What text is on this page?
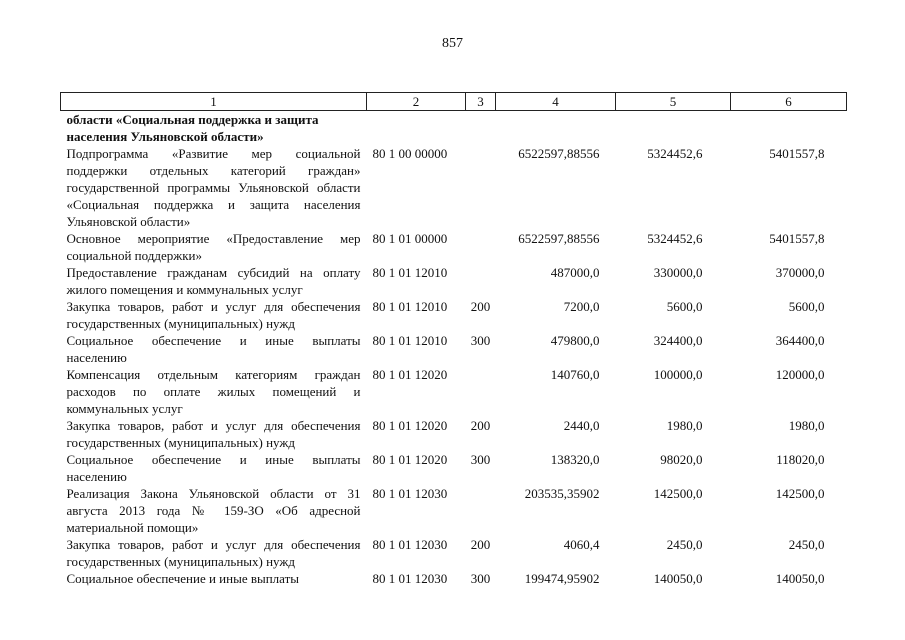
857
1	2	3	4	5	6
области «Социальная поддержка и защита населения Ульяновской области»					
Подпрограмма «Развитие мер социальной поддержки отдельных категорий граждан» государственной программы Ульяновской области «Социальная поддержка и защита населения Ульяновской области»	80 1 00 00000		6522597,88556	5324452,6	5401557,8
Основное мероприятие «Предоставление мер социальной поддержки»	80 1 01 00000		6522597,88556	5324452,6	5401557,8
Предоставление гражданам субсидий на оплату жилого помещения и коммунальных услуг	80 1 01 12010		487000,0	330000,0	370000,0
Закупка товаров, работ и услуг для обеспечения государственных (муниципальных) нужд	80 1 01 12010	200	7200,0	5600,0	5600,0
Социальное обеспечение и иные выплаты населению	80 1 01 12010	300	479800,0	324400,0	364400,0
Компенсация отдельным категориям граждан расходов по оплате жилых помещений и коммунальных услуг	80 1 01 12020		140760,0	100000,0	120000,0
Закупка товаров, работ и услуг для обеспечения государственных (муниципальных) нужд	80 1 01 12020	200	2440,0	1980,0	1980,0
Социальное обеспечение и иные выплаты населению	80 1 01 12020	300	138320,0	98020,0	118020,0
Реализация Закона Ульяновской области от 31 августа 2013 года № 159-ЗО «Об адресной материальной помощи»	80 1 01 12030		203535,35902	142500,0	142500,0
Закупка товаров, работ и услуг для обеспечения государственных (муниципальных) нужд	80 1 01 12030	200	4060,4	2450,0	2450,0
Социальное обеспечение и иные выплаты	80 1 01 12030	300	199474,95902	140050,0	140050,0
